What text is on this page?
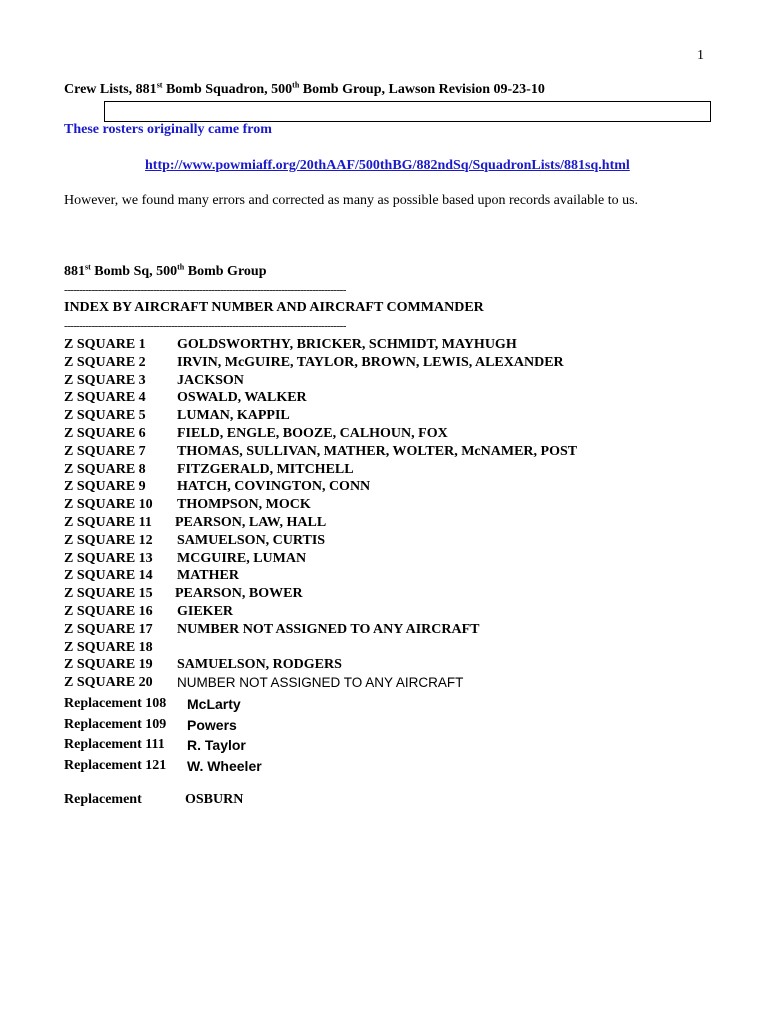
1
Crew Lists, 881st Bomb Squadron, 500th Bomb Group, Lawson Revision 09-23-10
These rosters originally came from
http://www.powmiaff.org/20thAAF/500thBG/882ndSq/SquadronLists/881sq.html
However, we found many errors and corrected as many as possible based upon records available to us.
881st Bomb Sq, 500th Bomb Group
--------------------------------------------------------------------------------------------
INDEX BY AIRCRAFT NUMBER AND AIRCRAFT COMMANDER
--------------------------------------------------------------------------------------------
Z SQUARE 1 GOLDSWORTHY, BRICKER, SCHMIDT, MAYHUGH
Z SQUARE 2 IRVIN, McGUIRE, TAYLOR, BROWN, LEWIS, ALEXANDER
Z SQUARE 3 JACKSON
Z SQUARE 4 OSWALD, WALKER
Z SQUARE 5 LUMAN, KAPPIL
Z SQUARE 6 FIELD, ENGLE, BOOZE, CALHOUN, FOX
Z SQUARE 7 THOMAS, SULLIVAN, MATHER, WOLTER, McNAMER, POST
Z SQUARE 8 FITZGERALD, MITCHELL
Z SQUARE 9 HATCH, COVINGTON, CONN
Z SQUARE 10 THOMPSON, MOCK
Z SQUARE 11 PEARSON, LAW, HALL
Z SQUARE 12 SAMUELSON, CURTIS
Z SQUARE 13 MCGUIRE, LUMAN
Z SQUARE 14 MATHER
Z SQUARE 15 PEARSON, BOWER
Z SQUARE 16 GIEKER
Z SQUARE 17 NUMBER NOT ASSIGNED TO ANY AIRCRAFT
Z SQUARE 18
Z SQUARE 19 SAMUELSON, RODGERS
Z SQUARE 20 NUMBER NOT ASSIGNED TO ANY AIRCRAFT
Replacement 108 McLarty
Replacement 109 Powers
Replacement 111 R. Taylor
Replacement 121 W. Wheeler
Replacement	OSBURN
